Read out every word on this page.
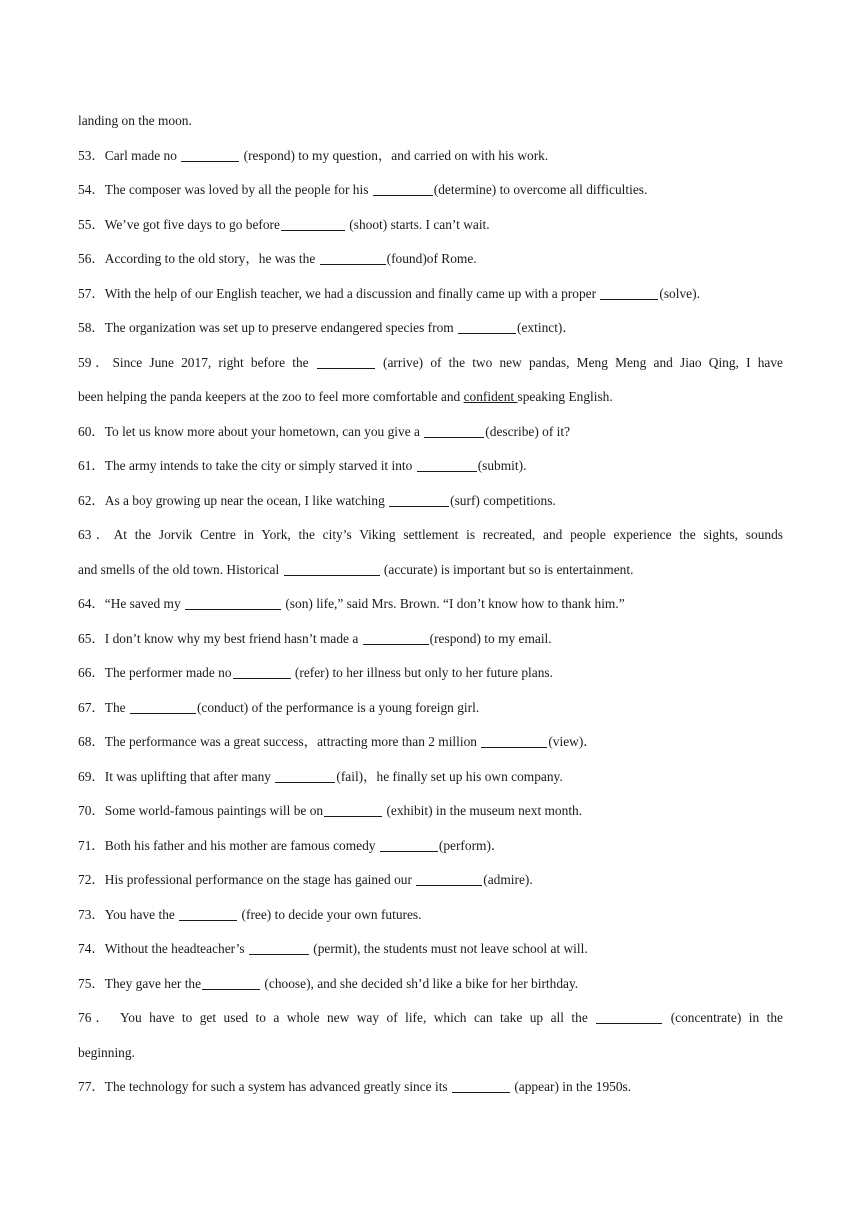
landing on the moon.
53．Carl made no	(respond) to my question，and carried on with his work.
54．The composer was loved by all the people for his	(determine) to overcome all difficulties.
55．We’ve got five days to go before	(shoot) starts. I can’t wait.
56．According to the old story，he was the	(found)of Rome.
57．With the help of our English teacher, we had a discussion and finally came up with a proper	(solve).
58．The organization was set up to preserve endangered species from	(extinct)．
59．Since June 2017, right before the	(arrive) of the two new pandas, Meng Meng and Jiao Qing, I have
been helping the panda keepers at the zoo to feel more comfortable and confident speaking English.
60．To let us know more about your hometown, can you give a	(describe) of it?
61．The army intends to take the city or simply starved it into	(submit).
62．As a boy growing up near the ocean, I like watching	(surf) competitions.
63．At the Jorvik Centre in York, the city’s Viking settlement is recreated, and people experience the sights, sounds
and smells of the old town. Historical	(accurate) is important but so is entertainment.
64．“He saved my	(son) life,” said Mrs. Brown. “I don’t know how to thank him.”
65．I don’t know why my best friend hasn’t made a	(respond) to my email.
66．The performer made no	(refer) to her illness but only to her future plans.
67．The	(conduct) of the performance is a young foreign girl.
68．The performance was a great success，attracting more than 2 million	(view)．
69．It was uplifting that after many	(fail)，he finally set up his own company.
70．Some world-famous paintings will be on	(exhibit) in the museum next month.
71．Both his father and his mother are famous comedy	(perform)．
72．His professional performance on the stage has gained our	(admire).
73．You have the	(free) to decide your own futures.
74．Without the headteacher’s	(permit), the students must not leave school at will.
75．They gave her the	(choose), and she decided sh’d like a bike for her birthday.
76． You have to get used to a whole new way of life, which can take up all the	(concentrate) in the
beginning.
77．The technology for such a system has advanced greatly since its	(appear) in the 1950s.
